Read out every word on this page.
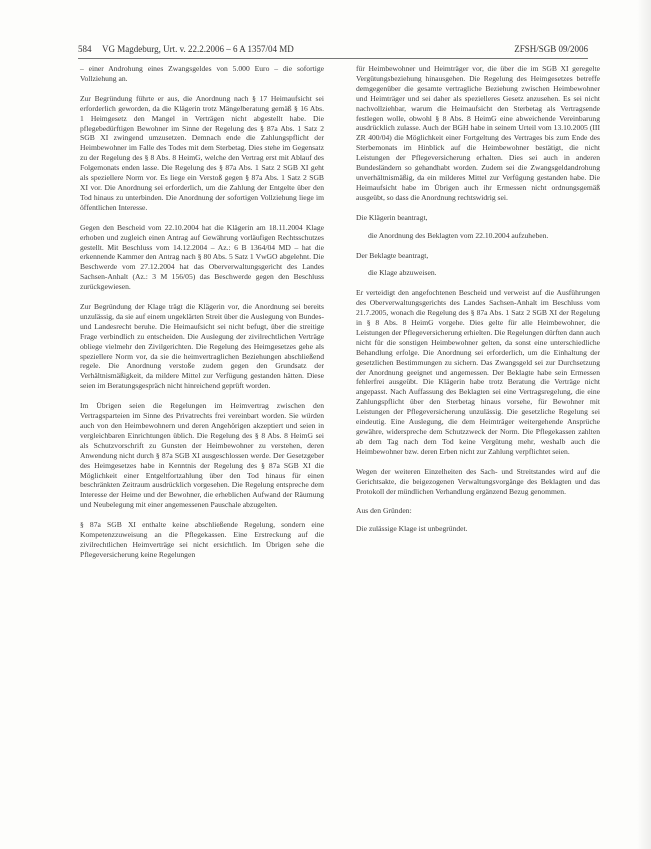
584 VG Magdeburg, Urt. v. 22.2.2006 – 6 A 1357/04 MD	ZFSH/SGB 09/2006

– einer Androhung eines Zwangsgeldes von 5.000 Euro – die sofortige Vollziehung an.

Zur Begründung führte er aus, die Anordnung nach § 17 Heimaufsicht sei erforderlich geworden, da die Klägerin trotz Mängelberatung gemäß § 16 Abs. 1 Heimgesetz den Mangel in Verträgen nicht abgestellt habe. Die pflegebedürftigen Bewohner im Sinne der Regelung des § 87a Abs. 1 Satz 2 SGB XI zwingend umzusetzen. Demnach ende die Zahlungspflicht der Heimbewohner im Falle des Todes mit dem Sterbetag. Dies stehe im Gegensatz zu der Regelung des § 8 Abs. 8 HeimG, welche den Vertrag erst mit Ablauf des Folgemonats enden lasse. Die Regelung des § 87a Abs. 1 Satz 2 SGB XI geht als speziellere Norm vor. Es liege ein Verstoß gegen § 87a Abs. 1 Satz 2 SGB XI vor. Die Anordnung sei erforderlich, um die Zahlung der Entgelte über den Tod hinaus zu unterbinden. Die Anordnung der sofortigen Vollziehung liege im öffentlichen Interesse.

Gegen den Bescheid vom 22.10.2004 hat die Klägerin am 18.11.2004 Klage erhoben und zugleich einen Antrag auf Gewährung vorläufigen Rechtsschutzes gestellt. Mit Beschluss vom 14.12.2004 – Az.: 6 B 1364/04 MD – hat die erkennende Kammer den Antrag nach § 80 Abs. 5 Satz 1 VwGO abgelehnt. Die Beschwerde vom 27.12.2004 hat das Oberverwaltungsgericht des Landes Sachsen-Anhalt (Az.: 3 M 156/05) das Beschwerde gegen den Beschluss zurückgewiesen.

Zur Begründung der Klage trägt die Klägerin vor, die Anordnung sei bereits unzulässig, da sie auf einem ungeklärten Streit über die Auslegung von Bundes- und Landesrecht beruhe. Die Heimaufsicht sei nicht befugt, über die streitige Frage verbindlich zu entscheiden. Die Auslegung der zivilrechtlichen Verträge obliege vielmehr den Zivilgerichten. Die Regelung des Heimgesetzes gehe als speziellere Norm vor, da sie die heimvertraglichen Beziehungen abschließend regele. Die Anordnung verstoße zudem gegen den Grundsatz der Verhältnismäßigkeit, da mildere Mittel zur Verfügung gestanden hätten. Diese seien im Beratungsgespräch nicht hinreichend geprüft worden.

Im Übrigen seien die Regelungen im Heimvertrag zwischen den Vertragsparteien im Sinne des Privatrechts frei vereinbart worden. Sie würden auch von den Heimbewohnern und deren Angehörigen akzeptiert und seien in vergleichbaren Einrichtungen üblich. Die Regelung des § 8 Abs. 8 HeimG sei als Schutzvorschrift zu Gunsten der Heimbewohner zu verstehen, deren Anwendung nicht durch § 87a SGB XI ausgeschlossen werde. Der Gesetzgeber des Heimgesetzes habe in Kenntnis der Regelung des § 87a SGB XI die Möglichkeit einer Entgeltfortzahlung über den Tod hinaus für einen beschränkten Zeitraum ausdrücklich vorgesehen. Die Regelung entspreche dem Interesse der Heime und der Bewohner, die erheblichen Aufwand der Räumung und Neubelegung mit einer angemessenen Pauschale abzugelten.

§ 87a SGB XI enthalte keine abschließende Regelung, sondern eine Kompetenzzuweisung an die Pflegekassen. Eine Erstreckung auf die zivilrechtlichen Heimverträge sei nicht ersichtlich. Im Übrigen sehe die Pflegeversicherung keine Regelungen

für Heimbewohner und Heimträger vor, die über die im SGB XI geregelte Vergütungsbeziehung hinausgehen. Die Regelung des Heimgesetzes betreffe demgegenüber die gesamte vertragliche Beziehung zwischen Heimbewohner und Heimträger und sei daher als spezielleres Gesetz anzusehen. Es sei nicht nachvollziehbar, warum die Heimaufsicht den Sterbetag als Vertragsende festlegen wolle, obwohl § 8 Abs. 8 HeimG eine abweichende Vereinbarung ausdrücklich zulasse. Auch der BGH habe in seinem Urteil vom 13.10.2005 (III ZR 400/04) die Möglichkeit einer Fortgeltung des Vertrages bis zum Ende des Sterbemonats im Hinblick auf die Heimbewohner bestätigt, die nicht Leistungen der Pflegeversicherung erhalten. Dies sei auch in anderen Bundesländern so gehandhabt worden. Zudem sei die Zwangsgeldandrohung unverhältnismäßig, da ein milderes Mittel zur Verfügung gestanden habe. Die Heimaufsicht habe im Übrigen auch ihr Ermessen nicht ordnungsgemäß ausgeübt, so dass die Anordnung rechtswidrig sei.

Die Klägerin beantragt,

die Anordnung des Beklagten vom 22.10.2004 aufzuheben.

Der Beklagte beantragt,

die Klage abzuweisen.

Er verteidigt den angefochtenen Bescheid und verweist auf die Ausführungen des Oberverwaltungsgerichts des Landes Sachsen-Anhalt im Beschluss vom 21.7.2005, wonach die Regelung des § 87a Abs. 1 Satz 2 SGB XI der Regelung in § 8 Abs. 8 HeimG vorgehe. Dies gelte für alle Heimbewohner, die Leistungen der Pflegeversicherung erhielten. Die Regelungen dürften dann auch nicht für die sonstigen Heimbewohner gelten, da sonst eine unterschiedliche Behandlung erfolge. Die Anordnung sei erforderlich, um die Einhaltung der gesetzlichen Bestimmungen zu sichern. Das Zwangsgeld sei zur Durchsetzung der Anordnung geeignet und angemessen. Der Beklagte habe sein Ermessen fehlerfrei ausgeübt. Die Klägerin habe trotz Beratung die Verträge nicht angepasst. Nach Auffassung des Beklagten sei eine Vertragsregelung, die eine Zahlungspflicht über den Sterbetag hinaus vorsehe, für Bewohner mit Leistungen der Pflegeversicherung unzulässig. Die gesetzliche Regelung sei eindeutig. Eine Auslegung, die dem Heimträger weitergehende Ansprüche gewähre, widerspreche dem Schutzzweck der Norm. Die Pflegekassen zahlten ab dem Tag nach dem Tod keine Vergütung mehr, weshalb auch die Heimbewohner bzw. deren Erben nicht zur Zahlung verpflichtet seien.

Wegen der weiteren Einzelheiten des Sach- und Streitstandes wird auf die Gerichtsakte, die beigezogenen Verwaltungsvorgänge des Beklagten und das Protokoll der mündlichen Verhandlung ergänzend Bezug genommen.

Aus den Gründen:

Die zulässige Klage ist unbegründet.
